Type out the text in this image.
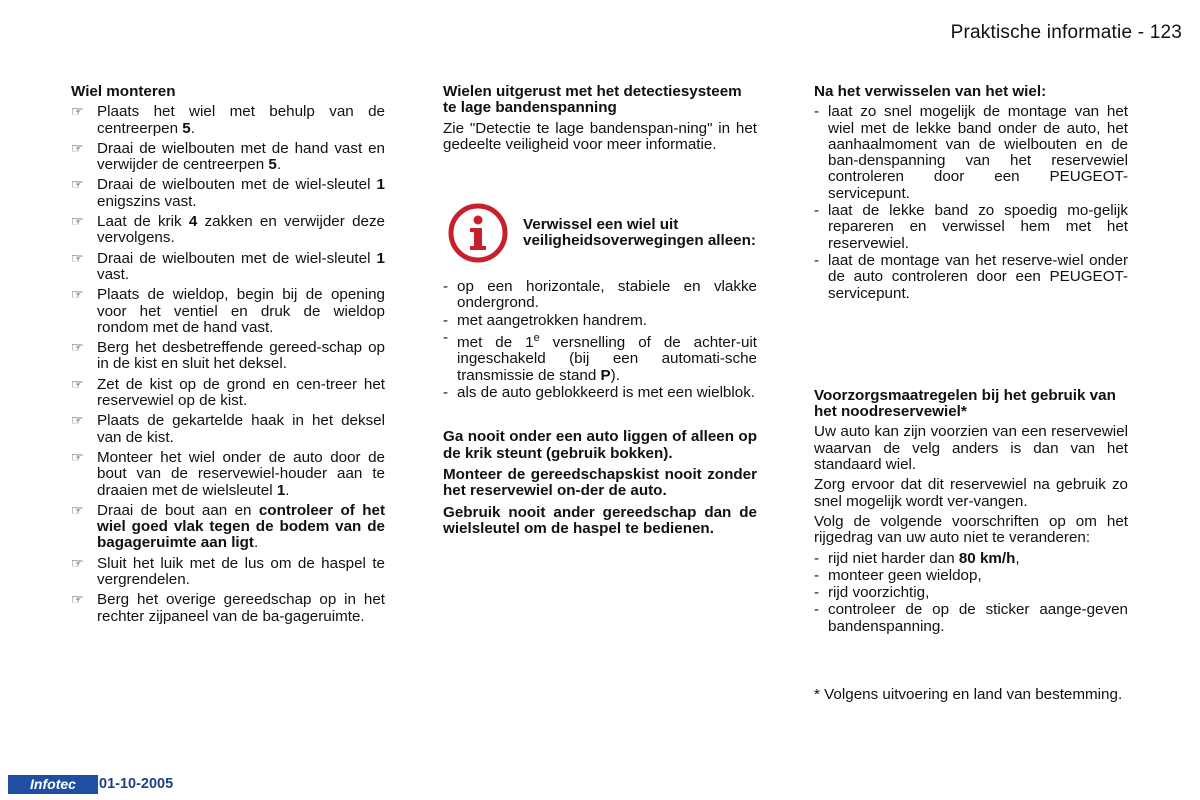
Praktische informatie - 123
Wiel monteren
☞ Plaats het wiel met behulp van de centreerpen 5.
☞ Draai de wielbouten met de hand vast en verwijder de centreerpen 5.
☞ Draai de wielbouten met de wiel-sleutel 1 enigszins vast.
☞ Laat de krik 4 zakken en verwijder deze vervolgens.
☞ Draai de wielbouten met de wiel-sleutel 1 vast.
☞ Plaats de wieldop, begin bij de opening voor het ventiel en druk de wieldop rondom met de hand vast.
☞ Berg het desbetreffende gereed-schap op in de kist en sluit het deksel.
☞ Zet de kist op de grond en cen-treer het reservewiel op de kist.
☞ Plaats de gekartelde haak in het deksel van de kist.
☞ Monteer het wiel onder de auto door de bout van de reservewiel-houder aan te draaien met de wielsleutel 1.
☞ Draai de bout aan en controleer of het wiel goed vlak tegen de bodem van de bagageruimte aan ligt.
☞ Sluit het luik met de lus om de haspel te vergrendelen.
☞ Berg het overige gereedschap op in het rechter zijpaneel van de ba-gageruimte.
Wielen uitgerust met het detectiesysteem te lage bandenspanning
Zie "Detectie te lage bandenspan-ning" in het gedeelte veiligheid voor meer informatie.
Verwissel een wiel uit veiligheidsoverwegingen alleen:
- op een horizontale, stabiele en vlakke ondergrond.
- met aangetrokken handrem.
- met de 1e versnelling of de achter-uit ingeschakeld (bij een automati-sche transmissie de stand P).
- als de auto geblokkeerd is met een wielblok.
Ga nooit onder een auto liggen of alleen op de krik steunt (gebruik bokken).
Monteer de gereedschapskist nooit zonder het reservewiel on-der de auto.
Gebruik nooit ander gereedschap dan de wielsleutel om de haspel te bedienen.
Na het verwisselen van het wiel:
- laat zo snel mogelijk de montage van het wiel met de lekke band onder de auto, het aanhaalmoment van de wielbouten en de ban-denspanning van het reservewiel controleren door een PEUGEOT-servicepunt.
- laat de lekke band zo spoedig mo-gelijk repareren en verwissel hem met het reservewiel.
- laat de montage van het reserve-wiel onder de auto controleren door een PEUGEOT-servicepunt.
Voorzorgsmaatregelen bij het gebruik van het noodreservewiel*
Uw auto kan zijn voorzien van een reservewiel waarvan de velg anders is dan van het standaard wiel.
Zorg ervoor dat dit reservewiel na gebruik zo snel mogelijk wordt ver-vangen.
Volg de volgende voorschriften op om het rijgedrag van uw auto niet te veranderen:
- rijd niet harder dan 80 km/h,
- monteer geen wieldop,
- rijd voorzichtig,
- controleer de op de sticker aange-geven bandenspanning.
* Volgens uitvoering en land van bestemming.
Infotec	01-10-2005
